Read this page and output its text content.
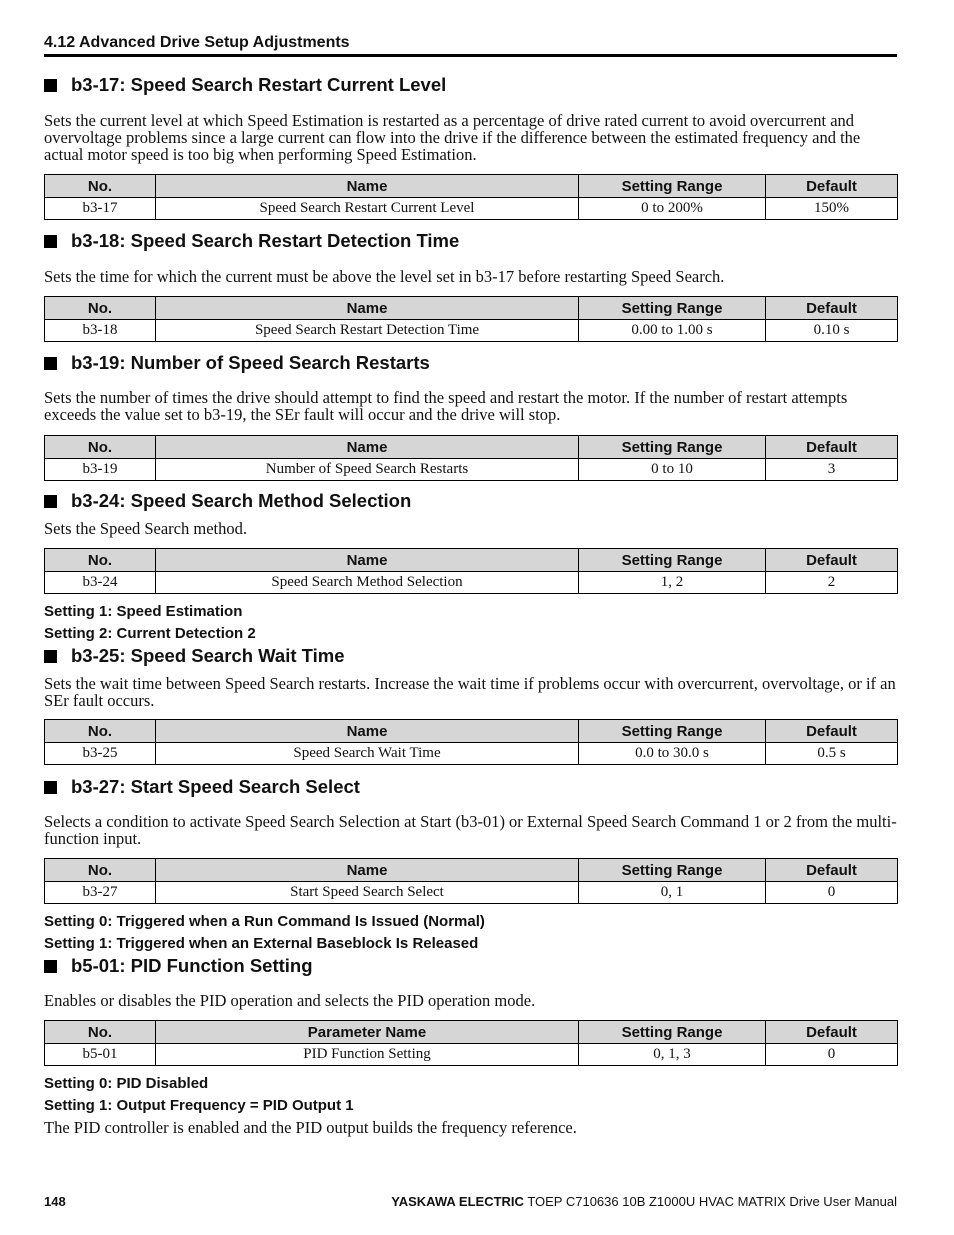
4.12 Advanced Drive Setup Adjustments
b3-17: Speed Search Restart Current Level
Sets the current level at which Speed Estimation is restarted as a percentage of drive rated current to avoid overcurrent and overvoltage problems since a large current can flow into the drive if the difference between the estimated frequency and the actual motor speed is too big when performing Speed Estimation.
No.	Name	Setting Range	Default
b3-17	Speed Search Restart Current Level	0 to 200%	150%
b3-18: Speed Search Restart Detection Time
Sets the time for which the current must be above the level set in b3-17 before restarting Speed Search.
No.	Name	Setting Range	Default
b3-18	Speed Search Restart Detection Time	0.00 to 1.00 s	0.10 s
b3-19: Number of Speed Search Restarts
Sets the number of times the drive should attempt to find the speed and restart the motor. If the number of restart attempts exceeds the value set to b3-19, the SEr fault will occur and the drive will stop.
No.	Name	Setting Range	Default
b3-19	Number of Speed Search Restarts	0 to 10	3
b3-24: Speed Search Method Selection
Sets the Speed Search method.
No.	Name	Setting Range	Default
b3-24	Speed Search Method Selection	1, 2	2
Setting 1: Speed Estimation
Setting 2: Current Detection 2
b3-25: Speed Search Wait Time
Sets the wait time between Speed Search restarts. Increase the wait time if problems occur with overcurrent, overvoltage, or if an SEr fault occurs.
No.	Name	Setting Range	Default
b3-25	Speed Search Wait Time	0.0 to 30.0 s	0.5 s
b3-27: Start Speed Search Select
Selects a condition to activate Speed Search Selection at Start (b3-01) or External Speed Search Command 1 or 2 from the multi-function input.
No.	Name	Setting Range	Default
b3-27	Start Speed Search Select	0, 1	0
Setting 0: Triggered when a Run Command Is Issued (Normal)
Setting 1: Triggered when an External Baseblock Is Released
b5-01: PID Function Setting
Enables or disables the PID operation and selects the PID operation mode.
No.	Parameter Name	Setting Range	Default
b5-01	PID Function Setting	0, 1, 3	0
Setting 0: PID Disabled
Setting 1: Output Frequency = PID Output 1
The PID controller is enabled and the PID output builds the frequency reference.
148	YASKAWA ELECTRIC TOEP C710636 10B Z1000U HVAC MATRIX Drive User Manual
